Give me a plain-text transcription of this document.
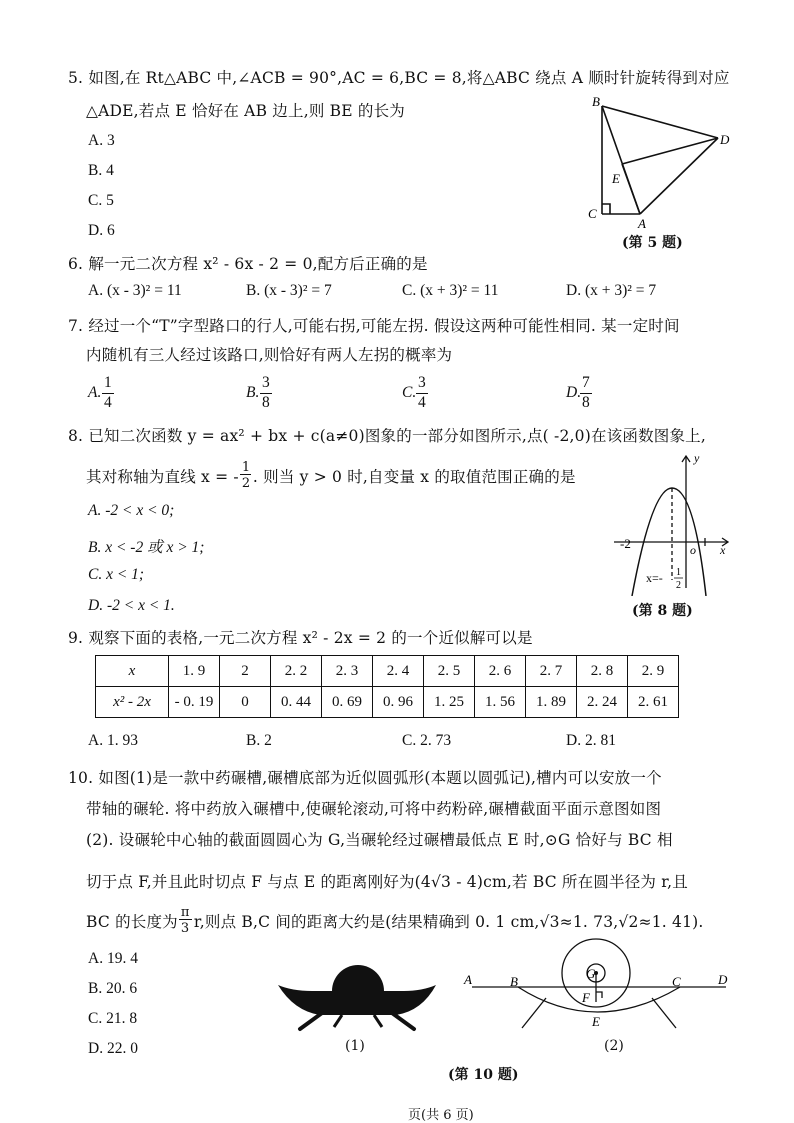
5. 如图,在 Rt△ABC 中,∠ACB = 90°,AC = 6,BC = 8,将△ABC 绕点 A 顺时针旋转得到对应
△ADE,若点 E 恰好在 AB 边上,则 BE 的长为
A. 3
B. 4
C. 5
D. 6
B
D
E
C
A
(第 5 题)
6. 解一元二次方程 x² - 6x - 2 = 0,配方后正确的是
A. (x - 3)² = 11	B. (x - 3)² = 7	C. (x + 3)² = 11	D. (x + 3)² = 7
7. 经过一个“T”字型路口的行人,可能右拐,可能左拐. 假设这两种可能性相同. 某一定时间
内随机有三人经过该路口,则恰好有两人左拐的概率为
A.
1
4
B.
3
8
C.
3
4
D.
7
8
8. 已知二次函数 y = ax² + bx + c(a≠0)图象的一部分如图所示,点( -2,0)在该函数图象上,
其对称轴为直线 x = - $\frac{1}{2}$ . 则当 y > 0 时,自变量 x 的取值范围正确的是
A. -2 < x < 0;
B. x < -2 或 x > 1;
C. x < 1;
D. -2 < x < 1.
y
x
-2	o
x=- 1
2
(第 8 题)
9. 观察下面的表格,一元二次方程 x² - 2x = 2 的一个近似解可以是
x	1. 9	2	2. 2	2. 3	2. 4	2. 5	2. 6	2. 7	2. 8	2. 9
x² - 2x	- 0. 19	0	0. 44	0. 69	0. 96	1. 25	1. 56	1. 89	2. 24	2. 61
A. 1. 93	B. 2	C. 2. 73	D. 2. 81
10. 如图(1)是一款中药碾槽,碾槽底部为近似圆弧形(本题以圆弧记),槽内可以安放一个
带轴的碾轮. 将中药放入碾槽中,使碾轮滚动,可将中药粉碎,碾槽截面平面示意图如图
(2). 设碾轮中心轴的截面圆圆心为 G,当碾轮经过碾槽最低点 E 时,⊙G 恰好与 BC 相
切于点 F,并且此时切点 F 与点 E 的距离刚好为(4√3 - 4)cm,若 BC 所在圆半径为 r,且
BC 的长度为 $\frac{\pi}{3} r$,则点 B,C 间的距离大约是(结果精确到 0. 1 cm,√3≈1. 73,√2≈1. 41).
A. 19. 4
B. 20. 6
C. 21. 8
D. 22. 0	(1)
A	B	C	D
G
F
E
(2)
(第 10 题)
页(共 6 页)
